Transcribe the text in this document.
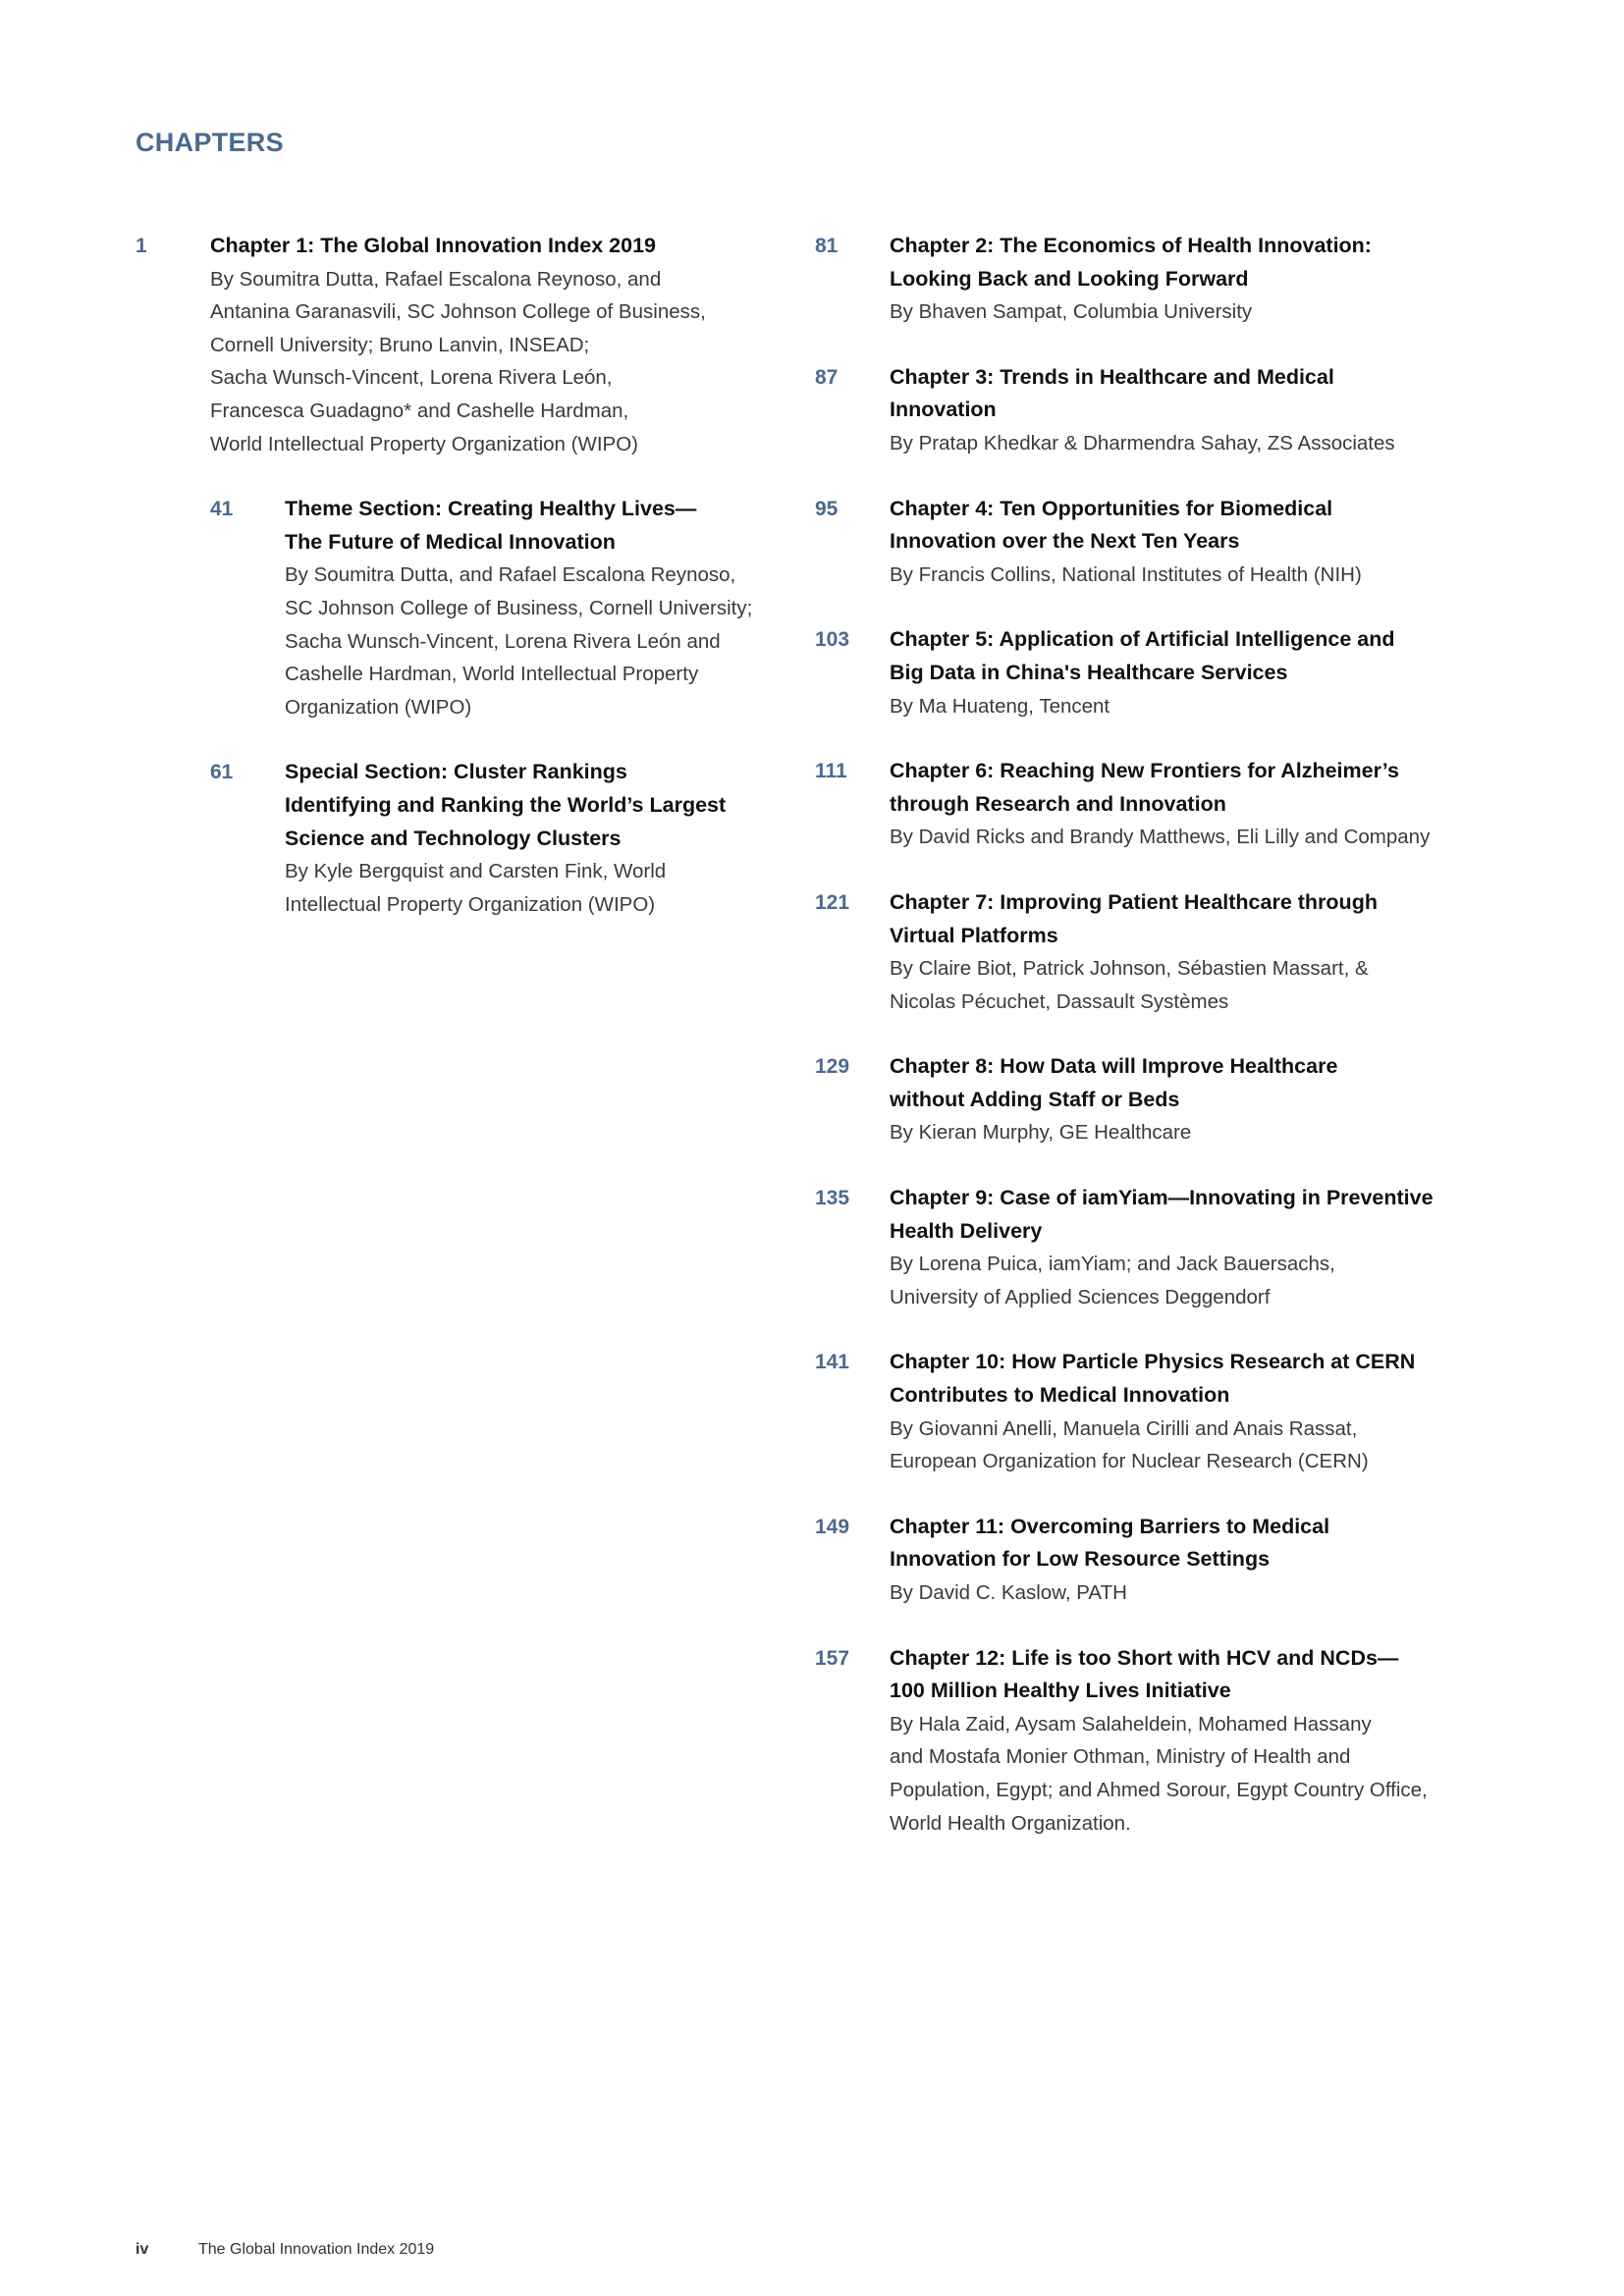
CHAPTERS
1	Chapter 1: The Global Innovation Index 2019
By Soumitra Dutta, Rafael Escalona Reynoso, and
Antanina Garanasvili, SC Johnson College of Business,
Cornell University; Bruno Lanvin, INSEAD;
Sacha Wunsch-Vincent, Lorena Rivera León,
Francesca Guadagno* and Cashelle Hardman,
World Intellectual Property Organization (WIPO)
41	Theme Section: Creating Healthy Lives—
The Future of Medical Innovation
By Soumitra Dutta, and Rafael Escalona Reynoso,
SC Johnson College of Business, Cornell University;
Sacha Wunsch-Vincent, Lorena Rivera León and
Cashelle Hardman, World Intellectual Property
Organization (WIPO)
61	Special Section: Cluster Rankings
Identifying and Ranking the World’s Largest
Science and Technology Clusters
By Kyle Bergquist and Carsten Fink, World
Intellectual Property Organization (WIPO)
81	Chapter 2: The Economics of Health Innovation:
Looking Back and Looking Forward
By Bhaven Sampat, Columbia University
87	Chapter 3: Trends in Healthcare and Medical
Innovation
By Pratap Khedkar & Dharmendra Sahay, ZS Associates
95	Chapter 4: Ten Opportunities for Biomedical
Innovation over the Next Ten Years
By Francis Collins, National Institutes of Health (NIH)
103	Chapter 5: Application of Artificial Intelligence and
Big Data in China's Healthcare Services
By Ma Huateng, Tencent
111	Chapter 6: Reaching New Frontiers for Alzheimer’s
through Research and Innovation
By David Ricks and Brandy Matthews, Eli Lilly and Company
121	Chapter 7: Improving Patient Healthcare through
Virtual Platforms
By Claire Biot, Patrick Johnson, Sébastien Massart, &
Nicolas Pécuchet, Dassault Systèmes
129	Chapter 8: How Data will Improve Healthcare
without Adding Staff or Beds
By Kieran Murphy, GE Healthcare
135	Chapter 9: Case of iamYiam—Innovating in Preventive
Health Delivery
By Lorena Puica, iamYiam; and Jack Bauersachs,
University of Applied Sciences Deggendorf
141	Chapter 10: How Particle Physics Research at CERN
Contributes to Medical Innovation
By Giovanni Anelli, Manuela Cirilli and Anais Rassat,
European Organization for Nuclear Research (CERN)
149	Chapter 11: Overcoming Barriers to Medical
Innovation for Low Resource Settings
By David C. Kaslow, PATH
157	Chapter 12: Life is too Short with HCV and NCDs—
100 Million Healthy Lives Initiative
By Hala Zaid, Aysam Salaheldein, Mohamed Hassany
and Mostafa Monier Othman, Ministry of Health and
Population, Egypt; and Ahmed Sorour, Egypt Country Office,
World Health Organization.
iv	The Global Innovation Index 2019
